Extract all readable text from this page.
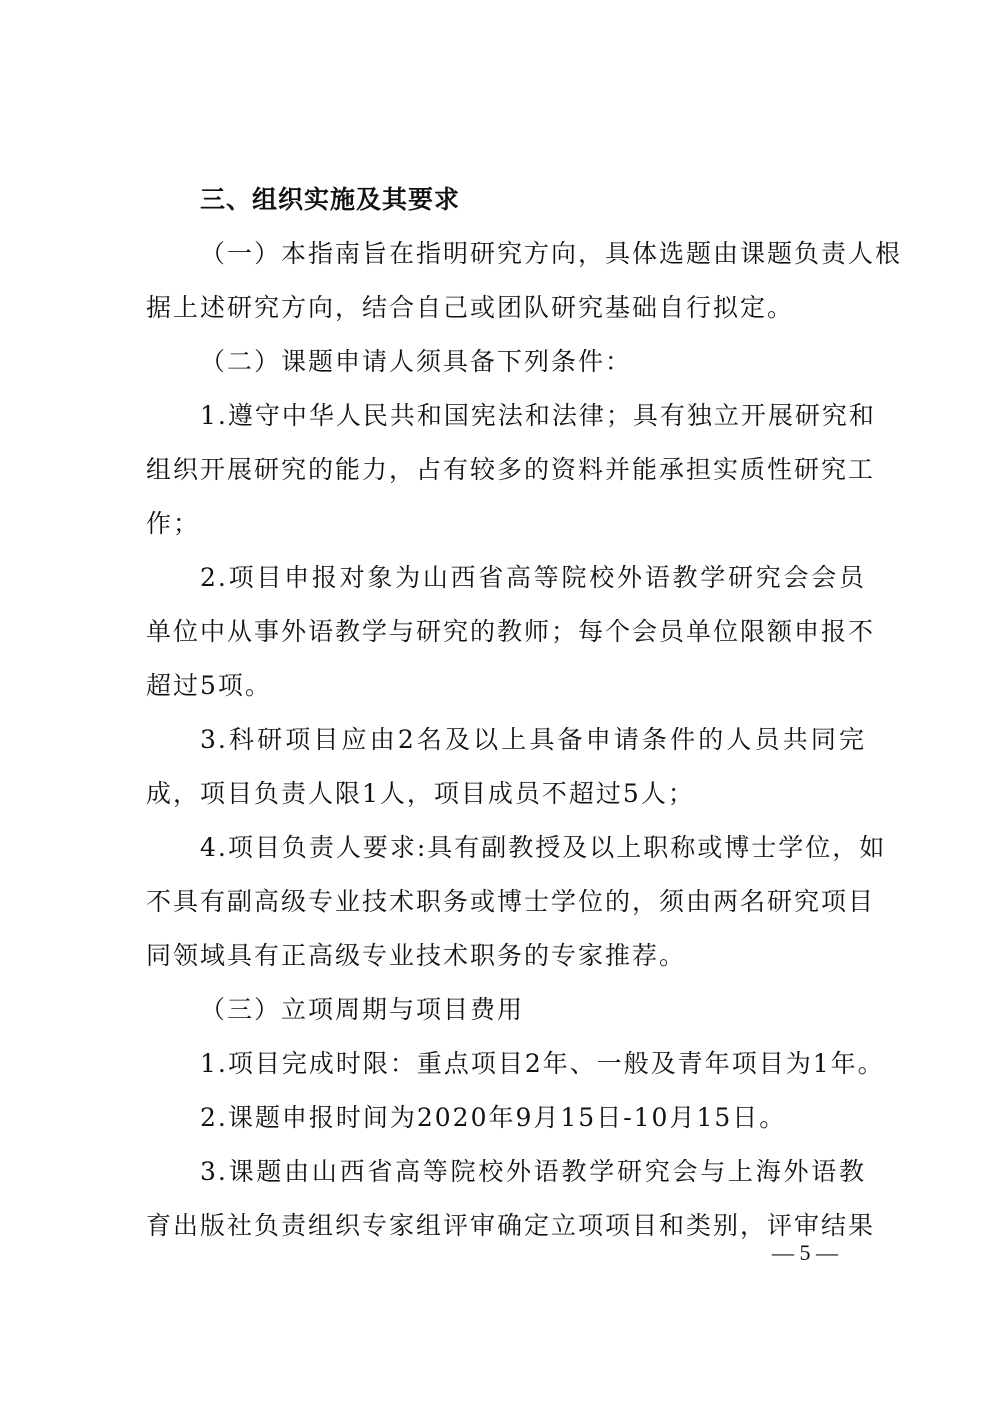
三、组织实施及其要求
（一）本指南旨在指明研究方向，具体选题由课题负责人根
据上述研究方向，结合自己或团队研究基础自行拟定。
（二）课题申请人须具备下列条件：
1.遵守中华人民共和国宪法和法律；具有独立开展研究和
组织开展研究的能力，占有较多的资料并能承担实质性研究工
作；
2.项目申报对象为山西省高等院校外语教学研究会会员
单位中从事外语教学与研究的教师；每个会员单位限额申报不
超过5项。
3.科研项目应由2名及以上具备申请条件的人员共同完
成，项目负责人限1人，项目成员不超过5人；
4.项目负责人要求:具有副教授及以上职称或博士学位，如
不具有副高级专业技术职务或博士学位的，须由两名研究项目
同领域具有正高级专业技术职务的专家推荐。
（三）立项周期与项目费用
1.项目完成时限：重点项目2年、一般及青年项目为1年。
2.课题申报时间为2020年9月15日-10月15日。
3.课题由山西省高等院校外语教学研究会与上海外语教
育出版社负责组织专家组评审确定立项项目和类别，评审结果
— 5 —
